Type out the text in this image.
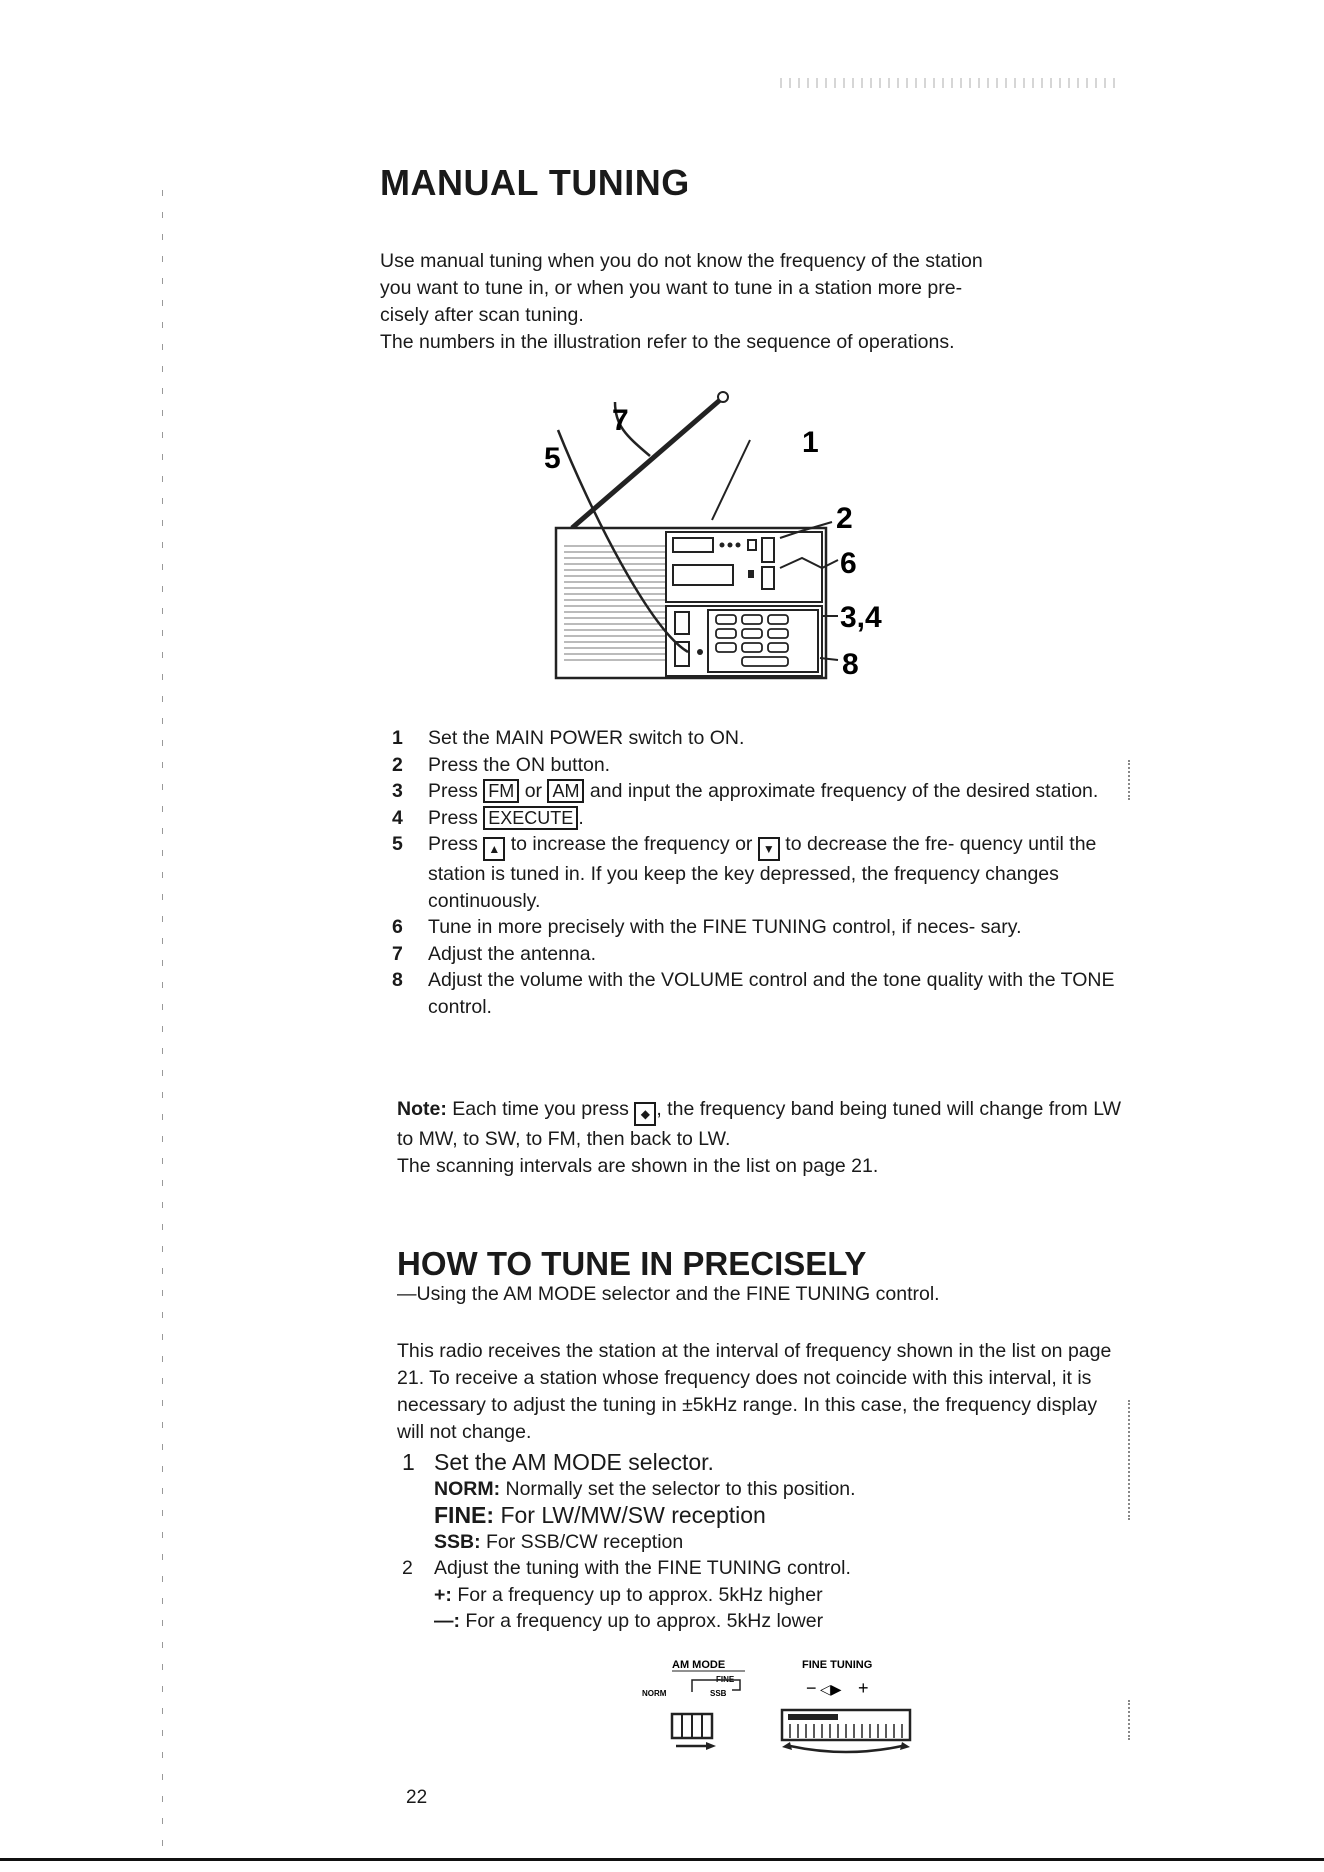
MANUAL TUNING
Use manual tuning when you do not know the frequency of the station
you want to tune in, or when you want to tune in a station more pre-
cisely after scan tuning.
The numbers in the illustration refer to the sequence of operations.
5
7
1
2
6
3,4
8
1 Set the MAIN POWER switch to ON.
2 Press the ON button.
3 Press FM or AM and input the approximate frequency of the desired station.
4 Press EXECUTE .
5 Press ▲ to increase the frequency or ▼ to decrease the fre- quency until the station is tuned in. If you keep the key depressed, the frequency changes continuously.
6 Tune in more precisely with the FINE TUNING control, if neces- sary.
7 Adjust the antenna.
8 Adjust the volume with the VOLUME control and the tone quality with the TONE control.
Note: Each time you press ◆ , the frequency band being tuned will change from LW to MW, to SW, to FM, then back to LW.
The scanning intervals are shown in the list on page 21.
HOW TO TUNE IN PRECISELY
—Using the AM MODE selector and the FINE TUNING control.
This radio receives the station at the interval of frequency shown in the list on page 21. To receive a station whose frequency does not coincide with this interval, it is necessary to adjust the tuning in ±5kHz range. In this case, the frequency display will not change.
1 Set the AM MODE selector.
NORM: Normally set the selector to this position.
FINE: For LW/MW/SW reception
SSB: For SSB/CW reception
2 Adjust the tuning with the FINE TUNING control.
+: For a frequency up to approx. 5kHz higher
—: For a frequency up to approx. 5kHz lower
AM MODE	FINE TUNING
NORM
FINE
SSB	− ◁▶ +
22
